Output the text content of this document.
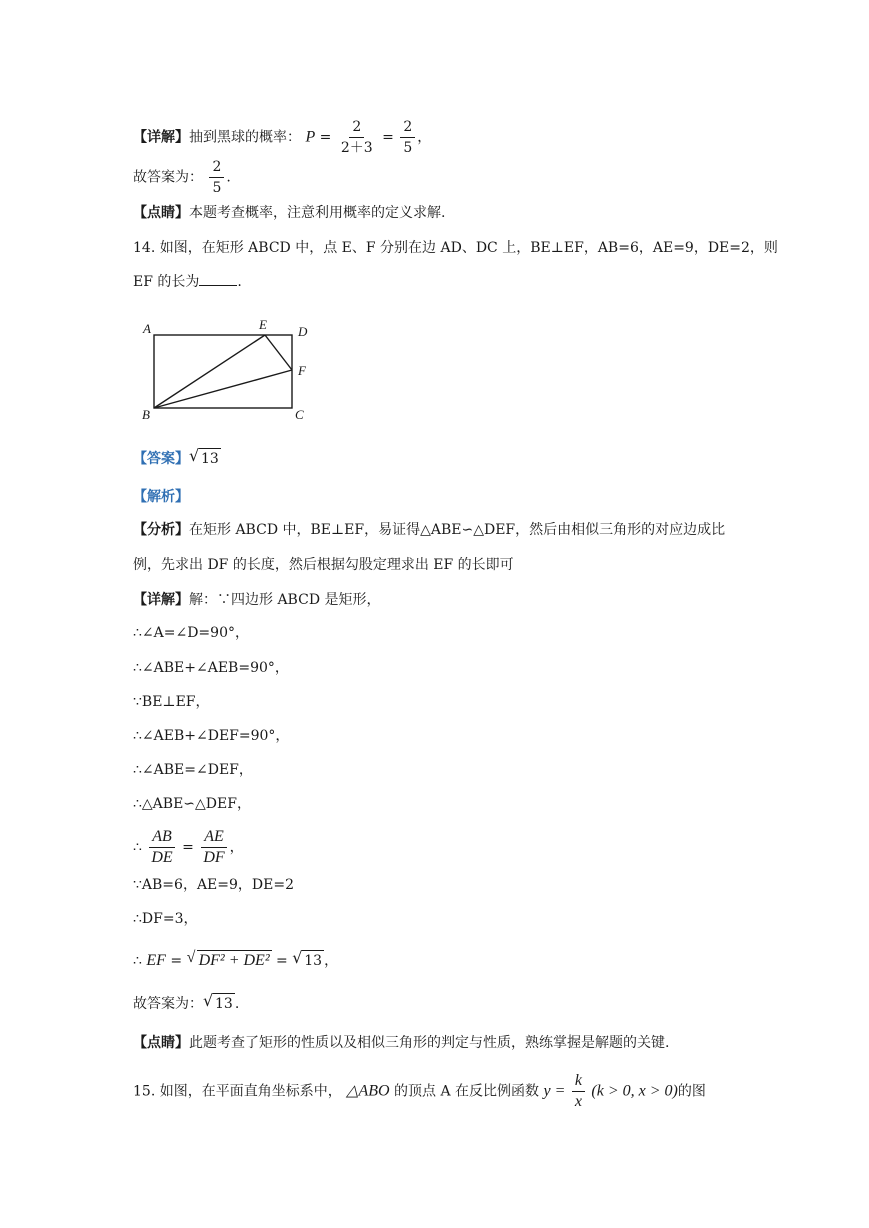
【详解】抽到黑球的概率： $P = \frac{2}{2+3} = \frac{2}{5}$ ，
故答案为： $\frac{2}{5}$ .
【点睛】本题考查概率，注意利用概率的定义求解.
14. 如图，在矩形 ABCD 中，点 E、F 分别在边 AD、DC 上，BE⊥EF，AB=6，AE=9，DE=2，则
EF 的长为	.
A	E D
F
B	C
【答案】 √ 13
【解析】
【分析】在矩形 ABCD 中，BE⊥EF，易证得△ABE∽△DEF，然后由相似三角形的对应边成比
例，先求出 DF 的长度，然后根据勾股定理求出 EF 的长即可
【详解】解：∵四边形 ABCD 是矩形，
∴∠A=∠D=90°，
∴∠ABE+∠AEB=90°，
∵BE⊥EF，
∴∠AEB+∠DEF=90°，
∴∠ABE=∠DEF，
∴△ABE∽△DEF，
∴ $\frac{AB}{DE} = \frac{AE}{DF}$ ，
∵AB=6，AE=9，DE=2
∴DF=3，
∴ EF = √ DF² + DE² = √ 13 ，
故答案为： √ 13 .
【点睛】此题考查了矩形的性质以及相似三角形的判定与性质，熟练掌握是解题的关键.
15. 如图，在平面直角坐标系中， △ABO 的顶点 A 在反比例函数 $y = \frac{k}{x} (k > 0$, x > 0)的图
